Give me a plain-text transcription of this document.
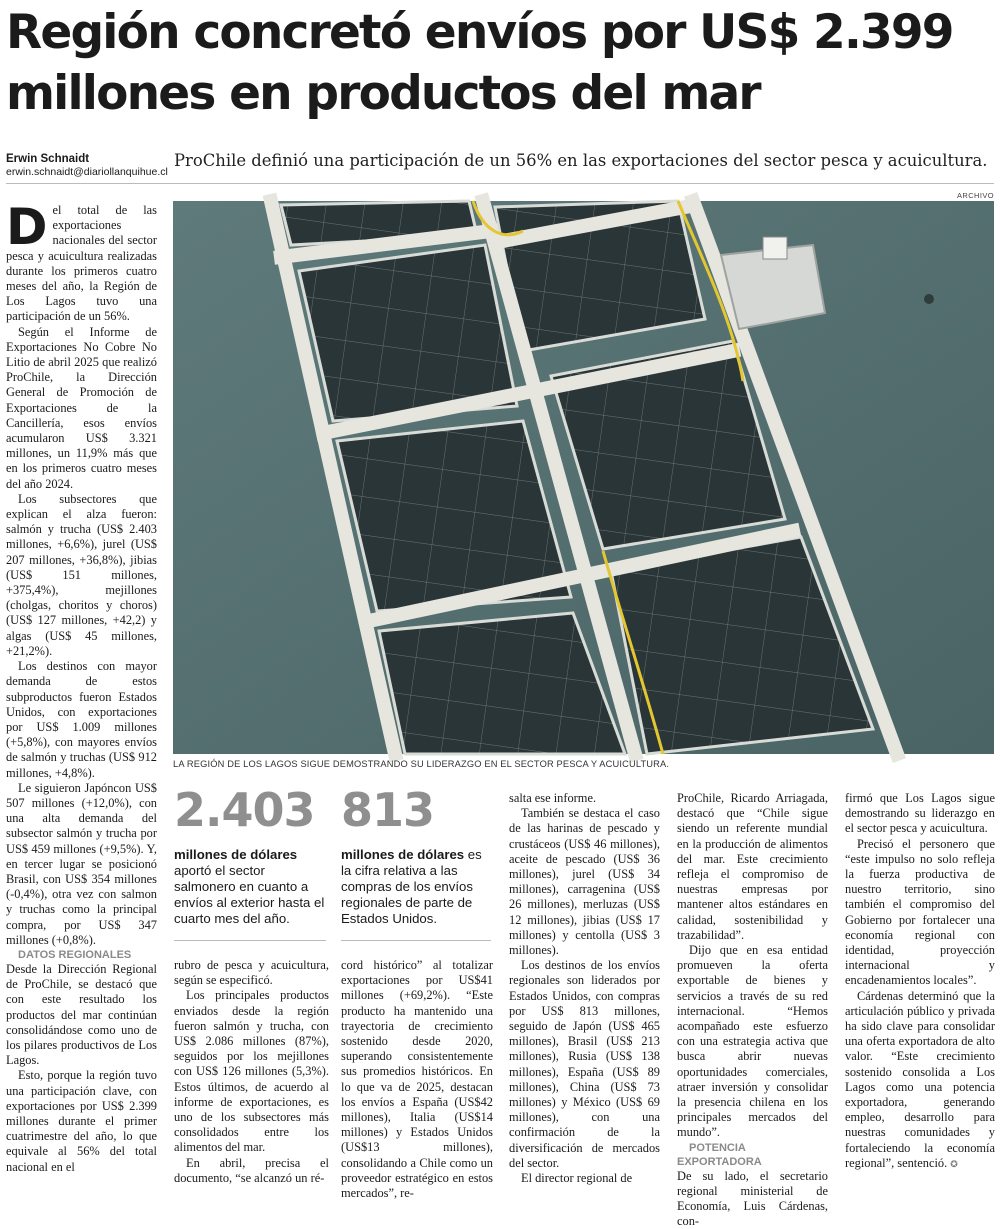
Región concretó envíos por US$ 2.399 millones en productos del mar
Erwin Schnaidt
erwin.schnaidt@diariollanquihue.cl

ProChile definió una participación de un 56% en las exportaciones del sector pesca y acuicultura.

ARCHIVO

LA REGIÓN DE LOS LAGOS SIGUE DEMOSTRANDO SU LIDERAZGO EN EL SECTOR PESCA Y ACUICULTURA.

Del total de las exportaciones nacionales del sector pesca y acuicultura realizadas durante los primeros cuatro meses del año, la Región de Los Lagos tuvo una participación de un 56%.

Según el Informe de Exportaciones No Cobre No Litio de abril 2025 que realizó ProChile, la Dirección General de Promoción de Exportaciones de la Cancillería, esos envíos acumularon US$ 3.321 millones, un 11,9% más que en los primeros cuatro meses del año 2024.

Los subsectores que explican el alza fueron: salmón y trucha (US$ 2.403 millones, +6,6%), jurel (US$ 207 millones, +36,8%), jibias (US$ 151 millones, +375,4%), mejillones (cholgas, choritos y choros) (US$ 127 millones, +42,2) y algas (US$ 45 millones, +21,2%).

Los destinos con mayor demanda de estos subproductos fueron Estados Unidos, con exportaciones por US$ 1.009 millones (+5,8%), con mayores envíos de salmón y truchas (US$ 912 millones, +4,8%).

Le siguieron Japóncon US$ 507 millones (+12,0%), con una alta demanda del subsector salmón y trucha por US$ 459 millones (+9,5%). Y, en tercer lugar se posicionó Brasil, con US$ 354 millones (-0,4%), otra vez con salmon y truchas como la principal compra, por US$ 347 millones (+0,8%).

DATOS REGIONALES

Desde la Dirección Regional de ProChile, se destacó que con este resultado los productos del mar continúan consolidándose como uno de los pilares productivos de Los Lagos.

Esto, porque la región tuvo una participación clave, con exportaciones por US$ 2.399 millones durante el primer cuatrimestre del año, lo que equivale al 56% del total nacional en el

2.403
millones de dólares
aportó el sector salmonero en cuanto a envíos al exterior hasta el cuarto mes del año.
813
millones de dólares es la cifra relativa a las compras de los envíos regionales de parte de Estados Unidos.

rubro de pesca y acuicultura, según se especificó.

Los principales productos enviados desde la región fueron salmón y trucha, con US$ 2.086 millones (87%), seguidos por los mejillones con US$ 126 millones (5,3%). Estos últimos, de acuerdo al informe de exportaciones, es uno de los subsectores más consolidados entre los alimentos del mar.

En abril, precisa el documento, “se alcanzó un ré-

cord histórico” al totalizar exportaciones por US$41 millones (+69,2%). “Este producto ha mantenido una trayectoria de crecimiento sostenido desde 2020, superando consistentemente sus promedios históricos. En lo que va de 2025, destacan los envíos a España (US$42 millones), Italia (US$14 millones) y Estados Unidos (US$13 millones), consolidando a Chile como un proveedor estratégico en estos mercados”, re-

salta ese informe.

También se destaca el caso de las harinas de pescado y crustáceos (US$ 46 millones), aceite de pescado (US$ 36 millones), jurel (US$ 34 millones), carragenina (US$ 26 millones), merluzas (US$ 12 millones), jibias (US$ 17 millones) y centolla (US$ 3 millones).

Los destinos de los envíos regionales son liderados por Estados Unidos, con compras por US$ 813 millones, seguido de Japón (US$ 465 millones), Brasil (US$ 213 millones), Rusia (US$ 138 millones), España (US$ 89 millones), China (US$ 73 millones) y México (US$ 69 millones), con una confirmación de la diversificación de mercados del sector.

El director regional de

ProChile, Ricardo Arriagada, destacó que “Chile sigue siendo un referente mundial en la producción de alimentos del mar. Este crecimiento refleja el compromiso de nuestras empresas por mantener altos estándares en calidad, sostenibilidad y trazabilidad”.

Dijo que en esa entidad promueven la oferta exportable de bienes y servicios a través de su red internacional. “Hemos acompañado este esfuerzo con una estrategia activa que busca abrir nuevas oportunidades comerciales, atraer inversión y consolidar la presencia chilena en los principales mercados del mundo”.

POTENCIA EXPORTADORA

De su lado, el secretario regional ministerial de Economía, Luis Cárdenas, con-

firmó que Los Lagos sigue demostrando su liderazgo en el sector pesca y acuicultura.

Precisó el personero que “este impulso no solo refleja la fuerza productiva de nuestro territorio, sino también el compromiso del Gobierno por fortalecer una economía regional con identidad, proyección internacional y encadenamientos locales”.

Cárdenas determinó que la articulación público y privada ha sido clave para consolidar una oferta exportadora de alto valor. “Este crecimiento sostenido consolida a Los Lagos como una potencia exportadora, generando empleo, desarrollo para nuestras comunidades y fortaleciendo la economía regional”, sentenció. ✪
